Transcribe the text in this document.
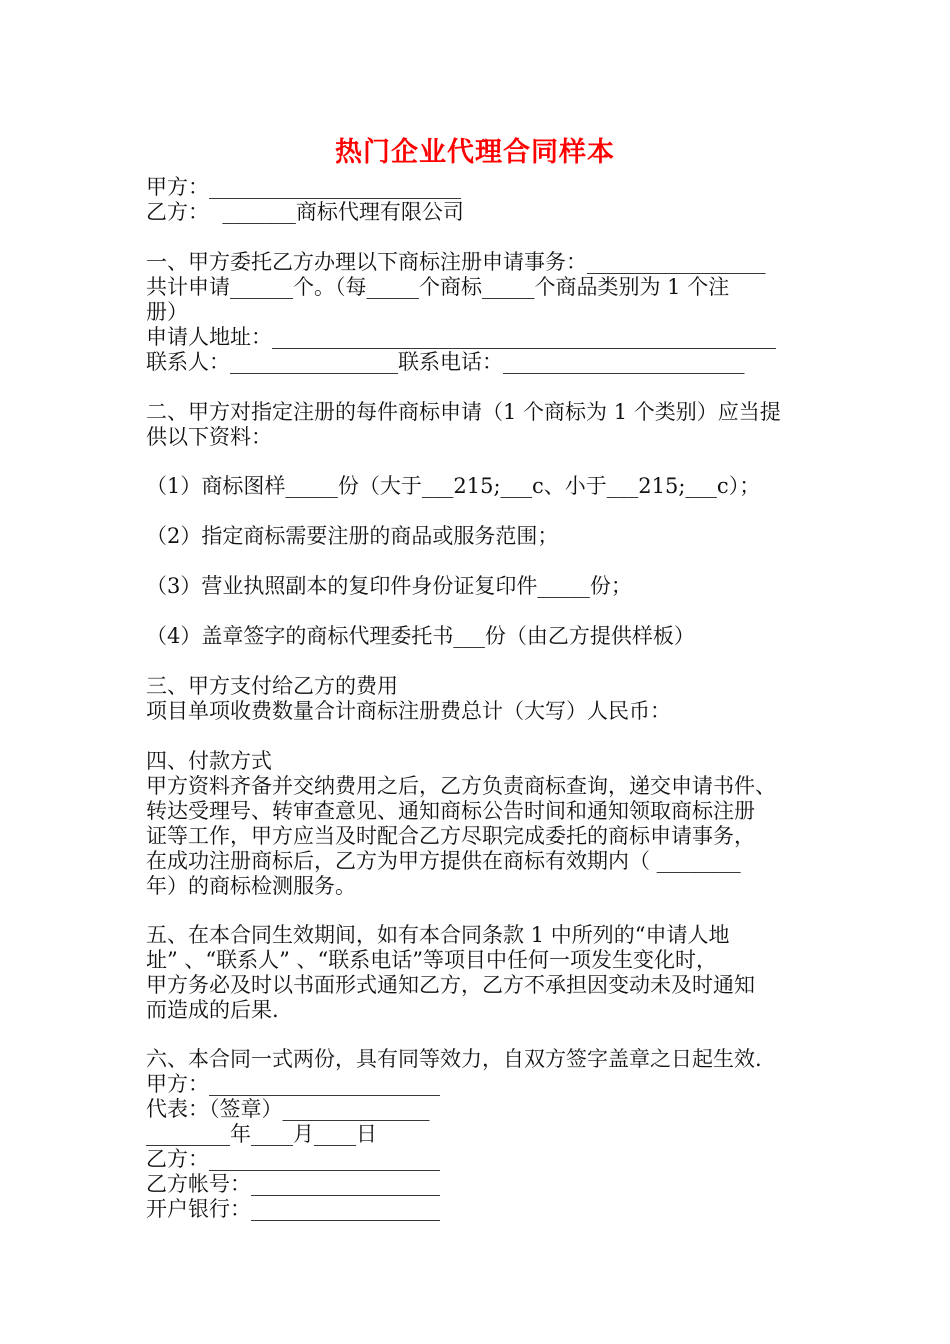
热门企业代理合同样本
甲方：________________________
乙方：  _______商标代理有限公司
一、甲方委托乙方办理以下商标注册申请事务：_________________
共计申请______个。（每_____个商标_____个商品类别为 1 个注
册）
申请人地址：________________________________________________
联系人：________________联系电话：_______________________
二、甲方对指定注册的每件商标申请（1 个商标为 1 个类别）应当提
供以下资料：
（1）商标图样_____份（大于___215;___c、小于___215;___c）；
（2）指定商标需要注册的商品或服务范围；
（3）营业执照副本的复印件身份证复印件_____份；
（4）盖章签字的商标代理委托书___份（由乙方提供样板）
三、甲方支付给乙方的费用
项目单项收费数量合计商标注册费总计（大写）人民币：
四、付款方式
甲方资料齐备并交纳费用之后，乙方负责商标查询，递交申请书件、
转达受理号、转审查意见、通知商标公告时间和通知领取商标注册
证等工作，甲方应当及时配合乙方尽职完成委托的商标申请事务，
在成功注册商标后，乙方为甲方提供在商标有效期内（ ________
年）的商标检测服务。
五、在本合同生效期间，如有本合同条款 1 中所列的“申请人地
址” 、“联系人” 、“联系电话”等项目中任何一项发生变化时，
甲方务必及时以书面形式通知乙方，乙方不承担因变动未及时通知
而造成的后果.
六、本合同一式两份，具有同等效力，自双方签字盖章之日起生效.
甲方：______________________
代表：（签章）______________
________年____月____日
乙方：______________________
乙方帐号：__________________
开户银行：__________________
